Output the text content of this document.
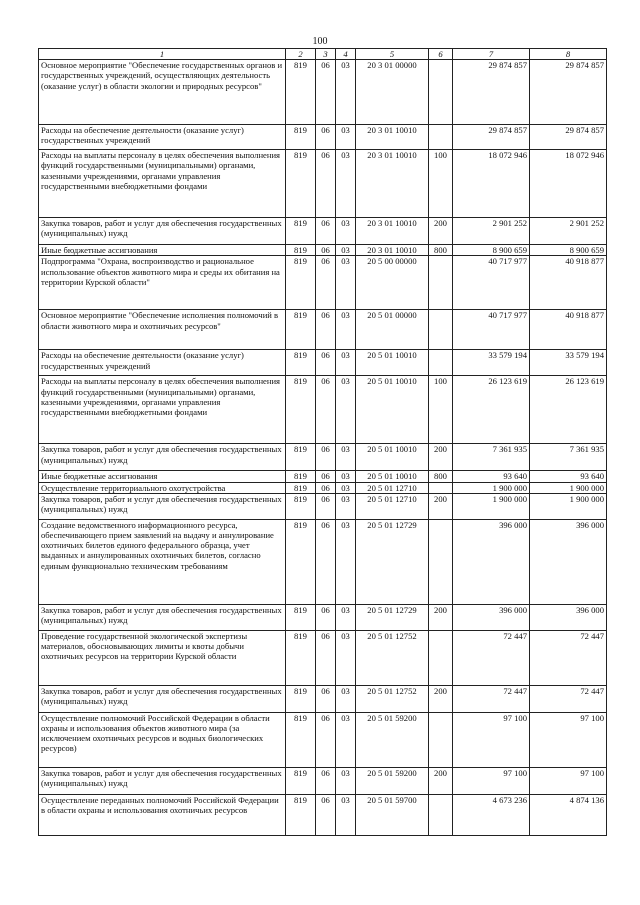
100
1	2	3	4	5	6	7	8
Основное мероприятие "Обеспечение государственных органов и государственных учреждений, осуществляющих деятельность (оказание услуг) в области экологии и природных ресурсов"	819	06	03	20 3 01 00000		29 874 857	29 874 857
Расходы на обеспечение деятельности (оказание услуг) государственных учреждений	819	06	03	20 3 01 10010		29 874 857	29 874 857
Расходы на выплаты персоналу в целях обеспечения выполнения функций государственными (муниципальными) органами, казенными учреждениями, органами управления государственными внебюджетными фондами	819	06	03	20 3 01 10010	100	18 072 946	18 072 946
Закупка товаров, работ и услуг для обеспечения государственных (муниципальных) нужд	819	06	03	20 3 01 10010	200	2 901 252	2 901 252
Иные бюджетные ассигнования	819	06	03	20 3 01 10010	800	8 900 659	8 900 659
Подпрограмма "Охрана, воспроизводство и рациональное использование объектов животного мира и среды их обитания на территории Курской области"	819	06	03	20 5 00 00000		40 717 977	40 918 877
Основное мероприятие "Обеспечение исполнения полномочий в области животного мира и охотничьих ресурсов"	819	06	03	20 5 01 00000		40 717 977	40 918 877
Расходы на обеспечение деятельности (оказание услуг) государственных учреждений	819	06	03	20 5 01 10010		33 579 194	33 579 194
Расходы на выплаты персоналу в целях обеспечения выполнения функций государственными (муниципальными) органами, казенными учреждениями, органами управления государственными внебюджетными фондами	819	06	03	20 5 01 10010	100	26 123 619	26 123 619
Закупка товаров, работ и услуг для обеспечения государственных (муниципальных) нужд	819	06	03	20 5 01 10010	200	7 361 935	7 361 935
Иные бюджетные ассигнования	819	06	03	20 5 01 10010	800	93 640	93 640
Осуществление территориального охотустройства	819	06	03	20 5 01 12710		1 900 000	1 900 000
Закупка товаров, работ и услуг для обеспечения государственных (муниципальных) нужд	819	06	03	20 5 01 12710	200	1 900 000	1 900 000
Создание ведомственного информационного ресурса, обеспечивающего прием заявлений на выдачу и аннулирование охотничьих билетов единого федерального образца, учет выданных и аннулированных охотничьих билетов, согласно единым функционально техническим требованиям	819	06	03	20 5 01 12729		396 000	396 000
Закупка товаров, работ и услуг для обеспечения государственных (муниципальных) нужд	819	06	03	20 5 01 12729	200	396 000	396 000
Проведение государственной экологической экспертизы материалов, обосновывающих лимиты и квоты добычи охотничьих ресурсов на территории Курской области	819	06	03	20 5 01 12752		72 447	72 447
Закупка товаров, работ и услуг для обеспечения государственных (муниципальных) нужд	819	06	03	20 5 01 12752	200	72 447	72 447
Осуществление полномочий Российской Федерации в области охраны и использования объектов животного мира (за исключением охотничьих ресурсов и водных биологических ресурсов)	819	06	03	20 5 01 59200		97 100	97 100
Закупка товаров, работ и услуг для обеспечения государственных (муниципальных) нужд	819	06	03	20 5 01 59200	200	97 100	97 100
Осуществление переданных полномочий Российской Федерации в области охраны и использования охотничьих ресурсов	819	06	03	20 5 01 59700		4 673 236	4 874 136
